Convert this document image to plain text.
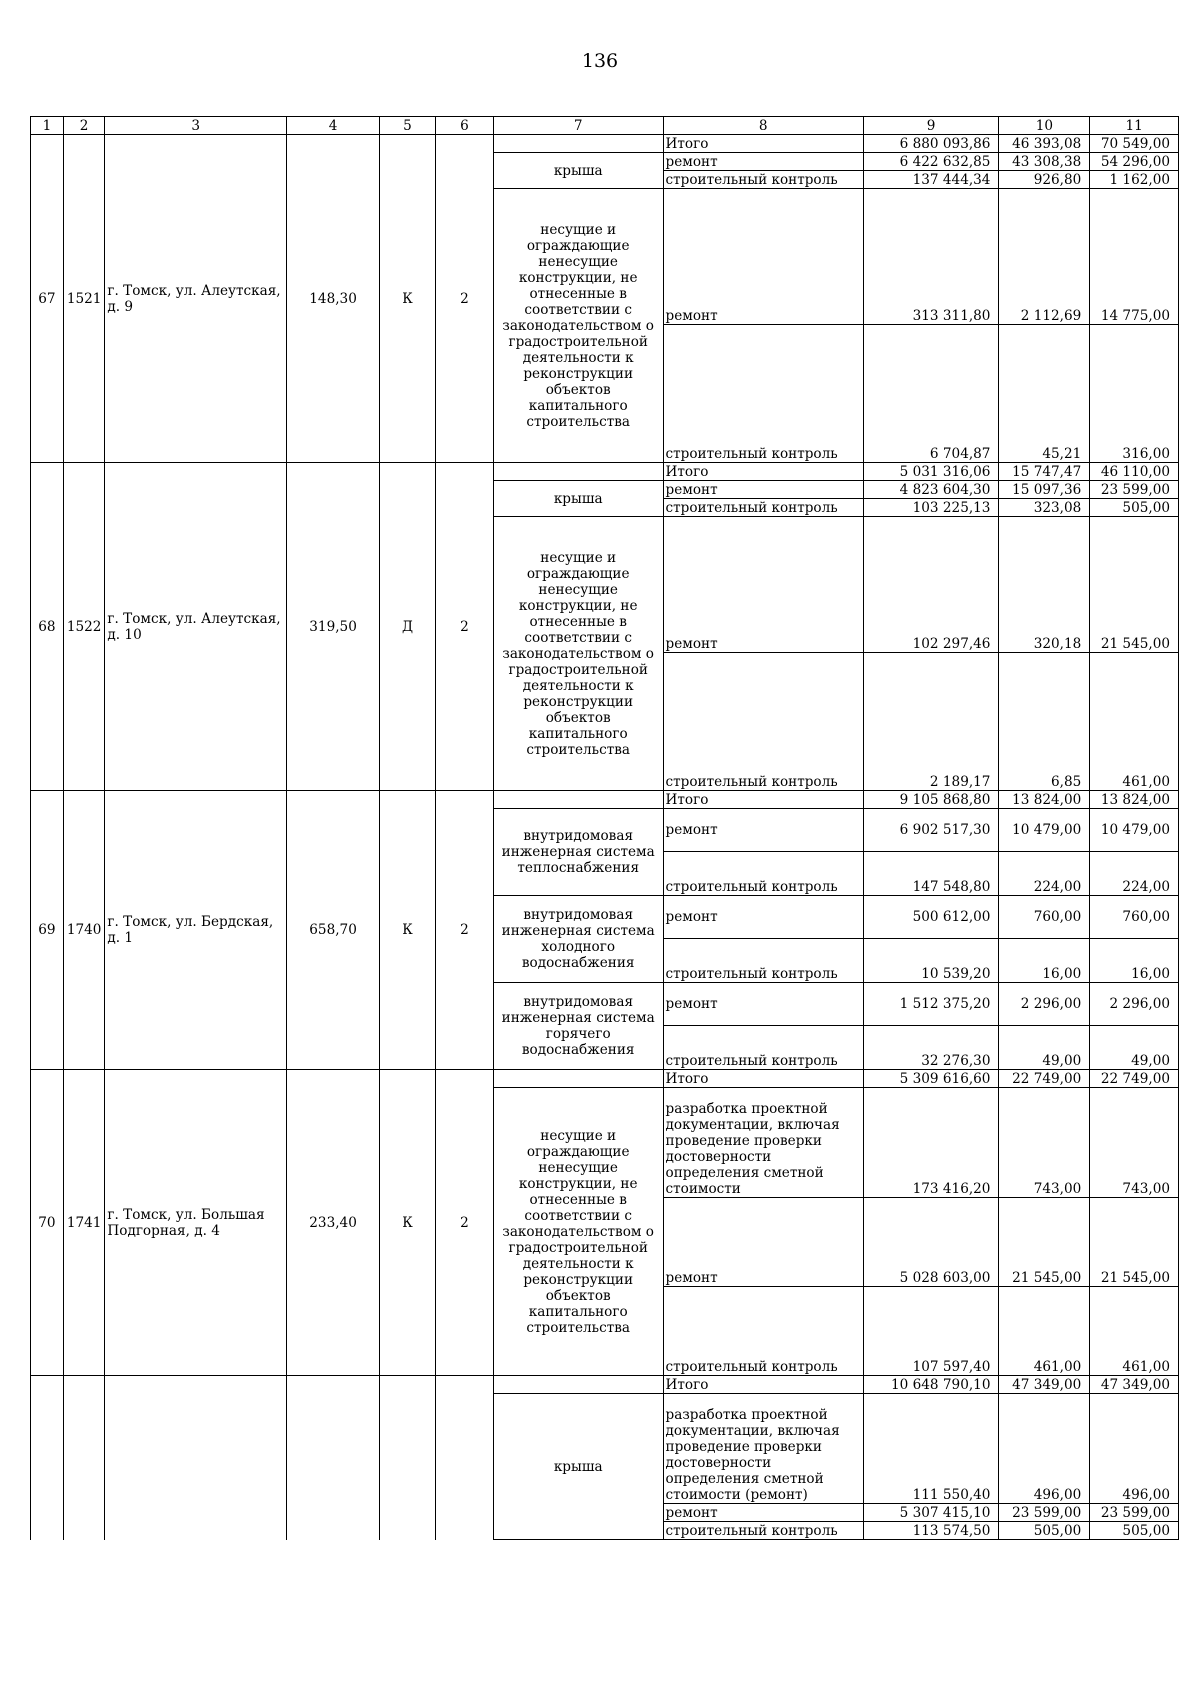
136
1	2	3	4	5	6	7	8	9	10	11
67	1521	г. Томск, ул. Алеутская, д. 9	148,30	К	2		Итого	6 880 093,86	46 393,08	70 549,00
						крыша	ремонт	6 422 632,85	43 308,38	54 296,00
							строительный контроль	137 444,34	926,80	1 162,00
						несущие и ограждающие ненесущие конструкции, не отнесенные в соответствии с законодательством о градостроительной деятельности к реконструкции объектов капитального строительства	ремонт	313 311,80	2 112,69	14 775,00
							строительный контроль	6 704,87	45,21	316,00
68	1522	г. Томск, ул. Алеутская, д. 10	319,50	Д	2		Итого	5 031 316,06	15 747,47	46 110,00
						крыша	ремонт	4 823 604,30	15 097,36	23 599,00
							строительный контроль	103 225,13	323,08	505,00
						несущие и ограждающие ненесущие конструкции, не отнесенные в соответствии с законодательством о градостроительной деятельности к реконструкции объектов капитального строительства	ремонт	102 297,46	320,18	21 545,00
							строительный контроль	2 189,17	6,85	461,00
69	1740	г. Томск, ул. Бердская, д. 1	658,70	К	2		Итого	9 105 868,80	13 824,00	13 824,00
						внутридомовая инженерная система теплоснабжения	ремонт	6 902 517,30	10 479,00	10 479,00
							строительный контроль	147 548,80	224,00	224,00
						внутридомовая инженерная система холодного водоснабжения	ремонт	500 612,00	760,00	760,00
							строительный контроль	10 539,20	16,00	16,00
						внутридомовая инженерная система горячего водоснабжения	ремонт	1 512 375,20	2 296,00	2 296,00
							строительный контроль	32 276,30	49,00	49,00
70	1741	г. Томск, ул. Большая Подгорная, д. 4	233,40	К	2		Итого	5 309 616,60	22 749,00	22 749,00
						несущие и ограждающие ненесущие конструкции, не отнесенные в соответствии с законодательством о градостроительной деятельности к реконструкции объектов капитального строительства	разработка проектной документации, включая проведение проверки достоверности определения сметной стоимости	173 416,20	743,00	743,00
							ремонт	5 028 603,00	21 545,00	21 545,00
							строительный контроль	107 597,40	461,00	461,00
							Итого	10 648 790,10	47 349,00	47 349,00
						крыша	разработка проектной документации, включая проведение проверки достоверности определения сметной стоимости (ремонт)	111 550,40	496,00	496,00
							ремонт	5 307 415,10	23 599,00	23 599,00
							строительный контроль	113 574,50	505,00	505,00
